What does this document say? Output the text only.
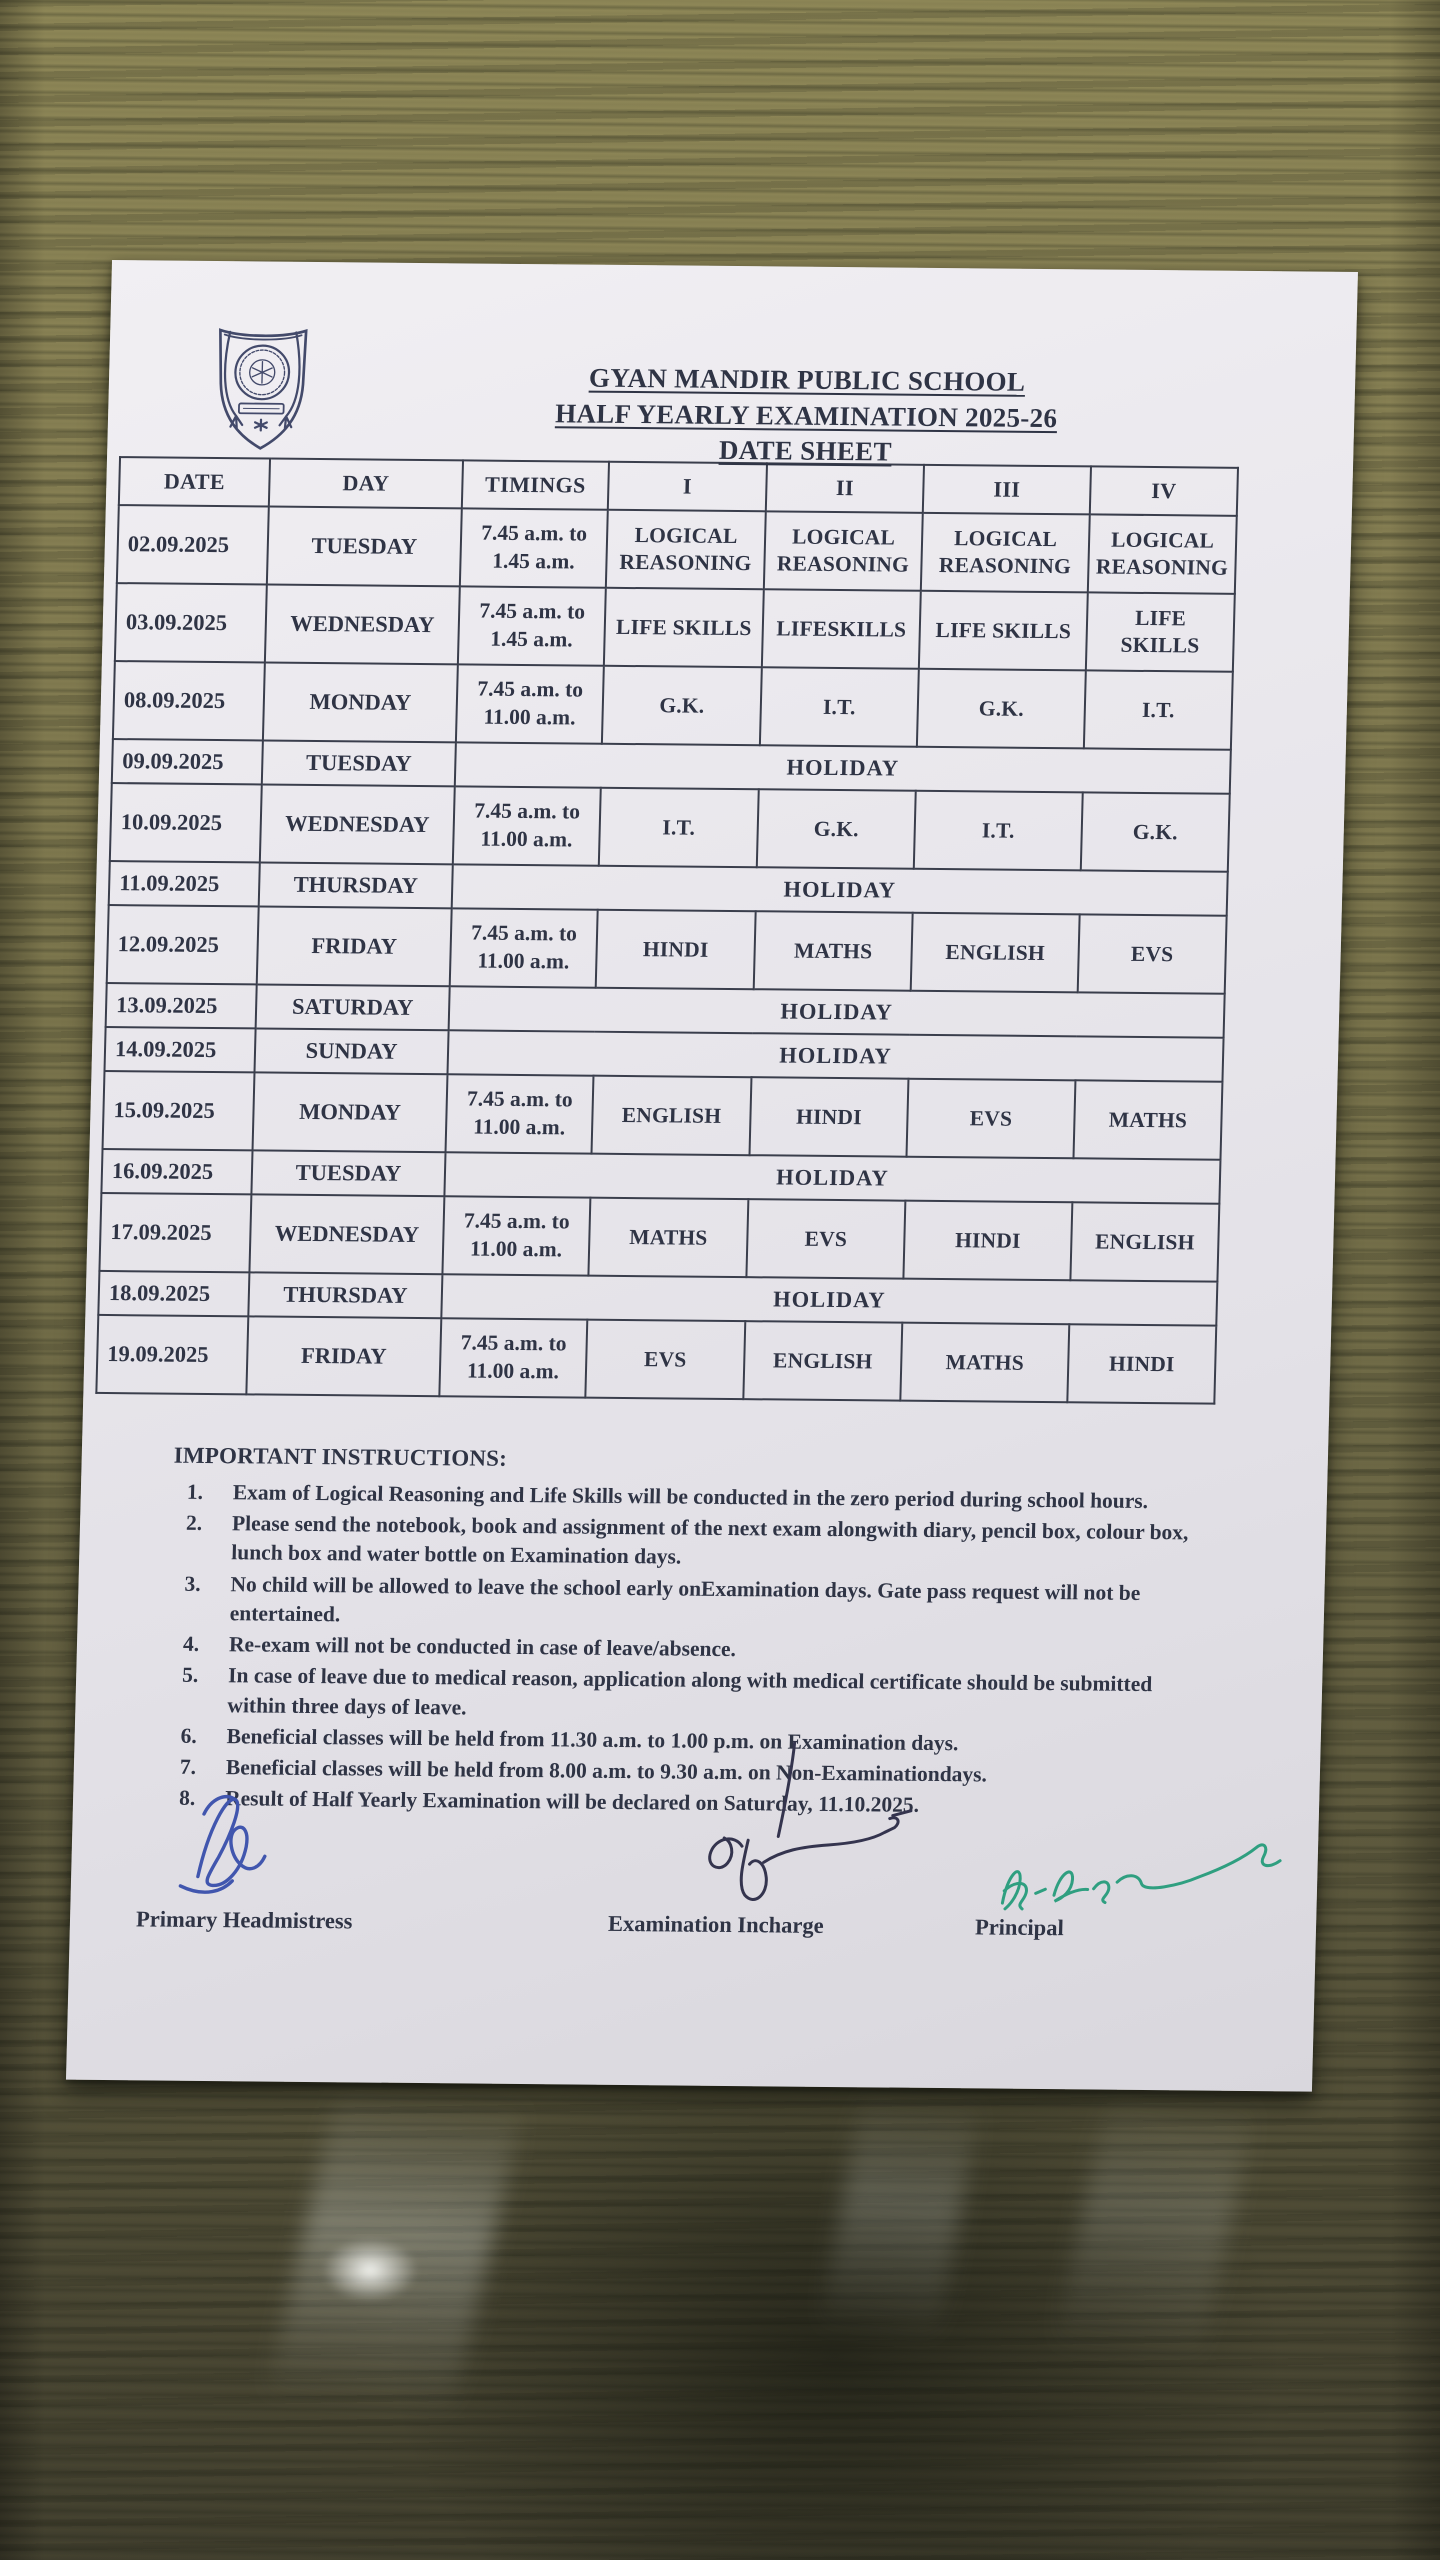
GYAN MANDIR PUBLIC SCHOOL
HALF YEARLY EXAMINATION 2025-26
DATE SHEET
DATE	DAY	TIMINGS	I	II	III	IV
02.09.2025	TUESDAY	7.45 a.m. to 1.45 a.m.	LOGICAL REASONING	LOGICAL REASONING	LOGICAL REASONING	LOGICAL REASONING
03.09.2025	WEDNESDAY	7.45 a.m. to 1.45 a.m.	LIFE SKILLS	LIFESKILLS	LIFE SKILLS	LIFE SKILLS
08.09.2025	MONDAY	7.45 a.m. to 11.00 a.m.	G.K.	I.T.	G.K.	I.T.
09.09.2025	TUESDAY	HOLIDAY				
10.09.2025	WEDNESDAY	7.45 a.m. to 11.00 a.m.	I.T.	G.K.	I.T.	G.K.
11.09.2025	THURSDAY	HOLIDAY				
12.09.2025	FRIDAY	7.45 a.m. to 11.00 a.m.	HINDI	MATHS	ENGLISH	EVS
13.09.2025	SATURDAY	HOLIDAY				
14.09.2025	SUNDAY	HOLIDAY				
15.09.2025	MONDAY	7.45 a.m. to 11.00 a.m.	ENGLISH	HINDI	EVS	MATHS
16.09.2025	TUESDAY	HOLIDAY				
17.09.2025	WEDNESDAY	7.45 a.m. to 11.00 a.m.	MATHS	EVS	HINDI	ENGLISH
18.09.2025	THURSDAY	HOLIDAY				
19.09.2025	FRIDAY	7.45 a.m. to 11.00 a.m.	EVS	ENGLISH	MATHS	HINDI
IMPORTANT INSTRUCTIONS:
1.	Exam of Logical Reasoning and Life Skills will be conducted in the zero period during school hours.
2.	Please send the notebook, book and assignment of the next exam alongwith diary, pencil box, colour box, lunch box and water bottle on Examination days.
3.	No child will be allowed to leave the school early onExamination days. Gate pass request will not be entertained.
4.	Re-exam will not be conducted in case of leave/absence.
5.	In case of leave due to medical reason, application along with medical certificate should be submitted within three days of leave.
6.	Beneficial classes will be held from 11.30 a.m. to 1.00 p.m. on Examination days.
7.	Beneficial classes will be held from 8.00 a.m. to 9.30 a.m. on Non-Examinationdays.
8.	Result of Half Yearly Examination will be declared on Saturday, 11.10.2025.
Primary Headmistress	Examination Incharge	Principal
